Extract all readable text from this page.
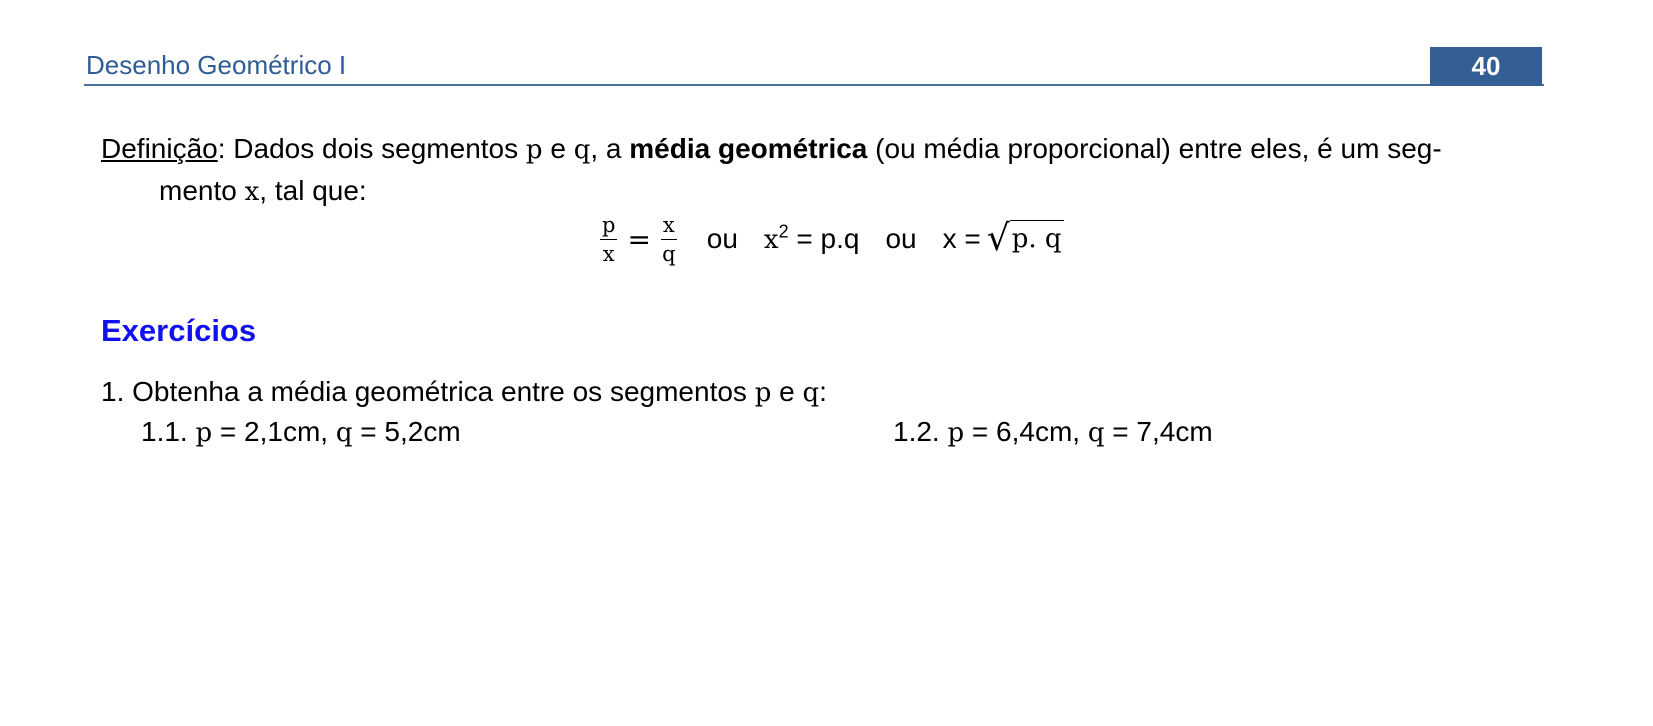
Desenho Geométrico I	40
Definição: Dados dois segmentos p e q, a média geométrica (ou média proporcional) entre eles, é um seg-
mento x, tal que:
$\frac{p}{x} = \frac{x}{q}$ ou $x^2 = p.q$ ou x = √ p. q
Exercícios
1. Obtenha a média geométrica entre os segmentos p e q:
1.1. p = 2,1cm, q = 5,2cm	1.2. p = 6,4cm, q = 7,4cm
